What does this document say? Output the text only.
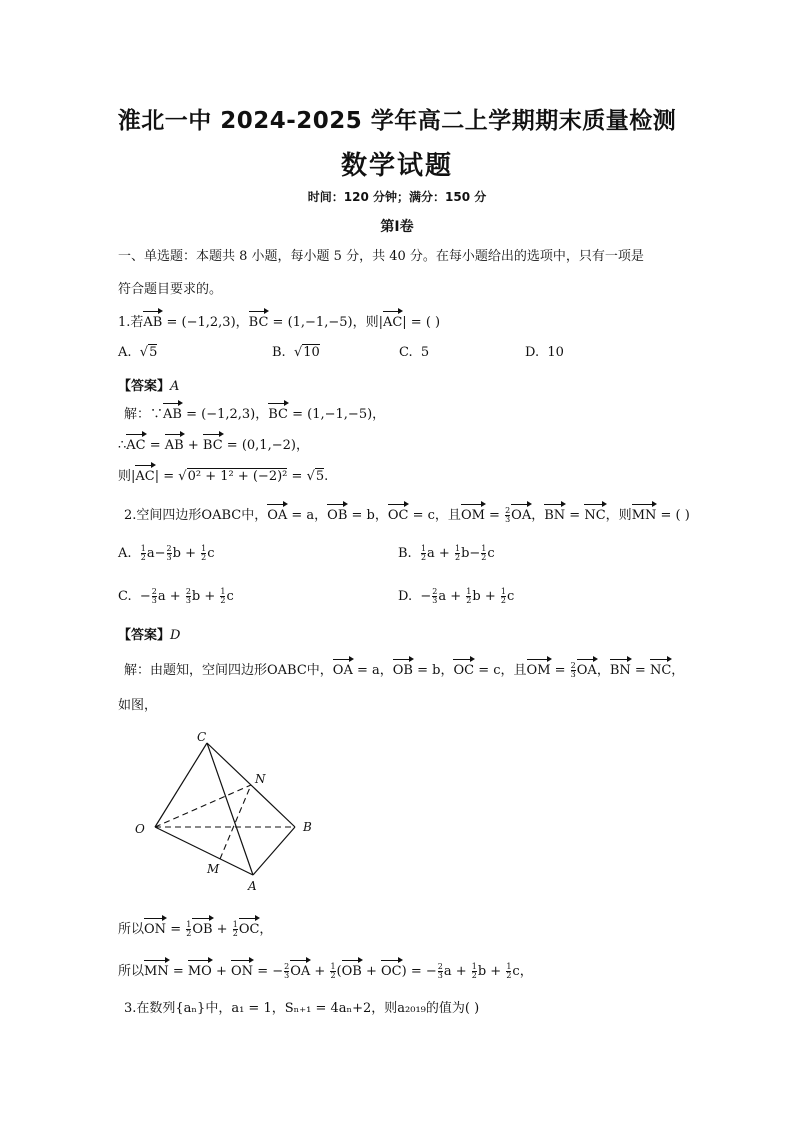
淮北一中 2024-2025 学年高二上学期期末质量检测
数学试题
时间：120 分钟；满分：150 分
第Ⅰ卷
一、单选题：本题共 8 小题，每小题 5 分，共 40 分。在每小题给出的选项中，只有一项是
符合题目要求的。
1.若AB = (−1,2,3)，BC = (1,−1,−5)，则|AC| = ( )
A. √5	B. √10	C. 5	D. 10
【答案】A
解：∵AB = (−1,2,3)，BC = (1,−1,−5)，
∴AC = AB + BC = (0,1,−2)，
则|AC| = √0² + 1² + (−2)² = √5.
2.空间四边形OABC中，OA = a，OB = b，OC = c，且OM = $\frac{2}{3}$ OA，BN = NC，则MN = ( )
A. $\frac{1}{2} a- \frac{2}{3}$ $b + \frac{1}{2}$ c	B. $\frac{1}{2}$ $a + \frac{1}{2} b- \frac{1}{2}$ c
C.  − $\frac{2}{3}$ $a + \frac{2}{3}$ $b + \frac{1}{2}$ c	D.  − $\frac{2}{3}$ $a + \frac{1}{2}$ $b + \frac{1}{2}$ c
【答案】D
解：由题知，空间四边形OABC中，OA = a，OB = b，OC = c，且OM = $\frac{2}{3}$ OA，BN = NC，
如图，
C
N
O	B
M
A
所以ON = $\frac{1}{2}$ OB + $\frac{1}{2}$ OC，
所以MN = MO + ON = − $\frac{2}{3}$ OA + $\frac{1}{2} (OB + OC)$ = − $\frac{2}{3}$ $a + \frac{1}{2}$ $b + \frac{1}{2}$ c，
3.在数列{aₙ}中，a₁ = 1，Sₙ₊₁ = 4aₙ+2，则a₂₀₁₉的值为( )
